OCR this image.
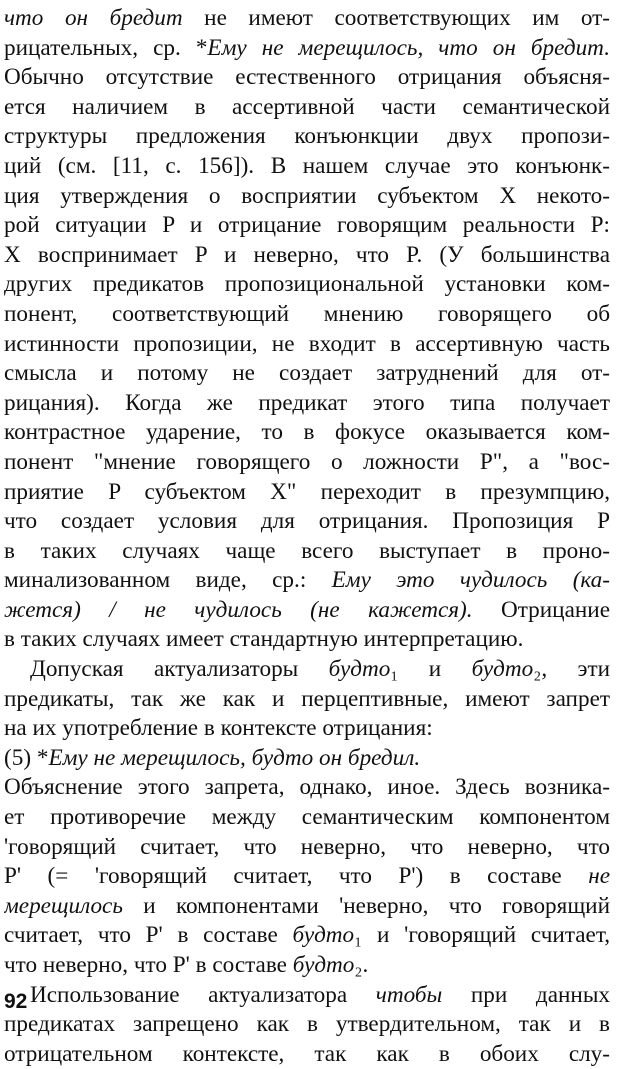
что он бредит не имеют соответствующих им от-
рицательных, ср. *Ему не мерещилось, что он бредит.
Обычно отсутствие естественного отрицания объясня-
ется наличием в ассертивной части семантической
структуры предложения конъюнкции двух пропози-
ций (см. [11, с. 156]). В нашем случае это конъюнк-
ция утверждения о восприятии субъектом X некото-
рой ситуации P и отрицание говорящим реальности P:
X воспринимает P и неверно, что P. (У большинства
других предикатов пропозициональной установки ком-
понент, соответствующий мнению говорящего об
истинности пропозиции, не входит в ассертивную часть
смысла и потому не создает затруднений для от-
рицания). Когда же предикат этого типа получает
контрастное ударение, то в фокусе оказывается ком-
понент "мнение говорящего о ложности P", а "вос-
приятие P субъектом X" переходит в презумпцию,
что создает условия для отрицания. Пропозиция P
в таких случаях чаще всего выступает в проно-
минализованном виде, ср.: Ему это чудилось (ка-
жется) / не чудилось (не кажется). Отрицание
в таких случаях имеет стандартную интерпретацию.
Допуская актуализаторы будто₁ и будто₂, эти
предикаты, так же как и перцептивные, имеют запрет
на их употребление в контексте отрицания:
(5) *Ему не мерещилось, будто он бредил.
Объяснение этого запрета, однако, иное. Здесь возника-
ет противоречие между семантическим компонентом
'говорящий считает, что неверно, что неверно, что
P' (= 'говорящий считает, что P') в составе не
мерещилось и компонентами 'неверно, что говорящий
считает, что P' в составе будто₁ и 'говорящий считает,
что неверно, что P' в составе будто₂.
Использование актуализатора чтобы при данных
предикатах запрещено как в утвердительном, так и в
отрицательном контексте, так как в обоих слу-
92
